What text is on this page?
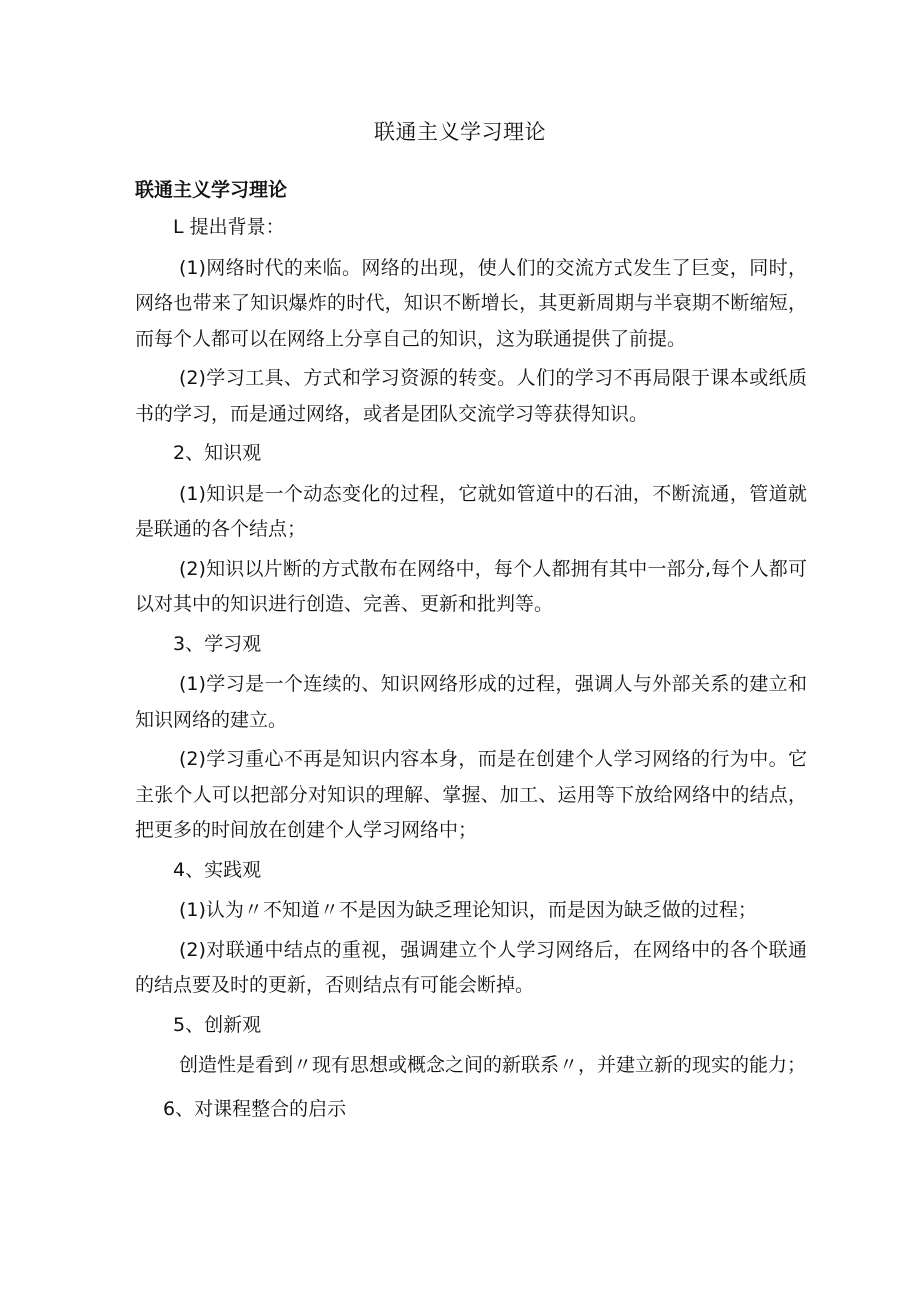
联通主义学习理论
联通主义学习理论

L 提出背景：

(1)网络时代的来临。网络的出现，使人们的交流方式发生了巨变，同时，网络也带来了知识爆炸的时代，知识不断增长，其更新周期与半衰期不断缩短，而每个人都可以在网络上分享自己的知识，这为联通提供了前提。

(2)学习工具、方式和学习资源的转变。人们的学习不再局限于课本或纸质书的学习，而是通过网络，或者是团队交流学习等获得知识。

2、知识观

(1)知识是一个动态变化的过程，它就如管道中的石油，不断流通，管道就是联通的各个结点；

(2)知识以片断的方式散布在网络中，每个人都拥有其中一部分,每个人都可以对其中的知识进行创造、完善、更新和批判等。

3、学习观

(1)学习是一个连续的、知识网络形成的过程，强调人与外部关系的建立和知识网络的建立。

(2)学习重心不再是知识内容本身，而是在创建个人学习网络的行为中。它主张个人可以把部分对知识的理解、掌握、加工、运用等下放给网络中的结点，把更多的时间放在创建个人学习网络中；

4、实践观

(1)认为〃不知道〃不是因为缺乏理论知识，而是因为缺乏做的过程；

(2)对联通中结点的重视，强调建立个人学习网络后，在网络中的各个联通的结点要及时的更新，否则结点有可能会断掉。

5、创新观

创造性是看到〃现有思想或概念之间的新联系〃，并建立新的现实的能力；

6、对课程整合的启示
